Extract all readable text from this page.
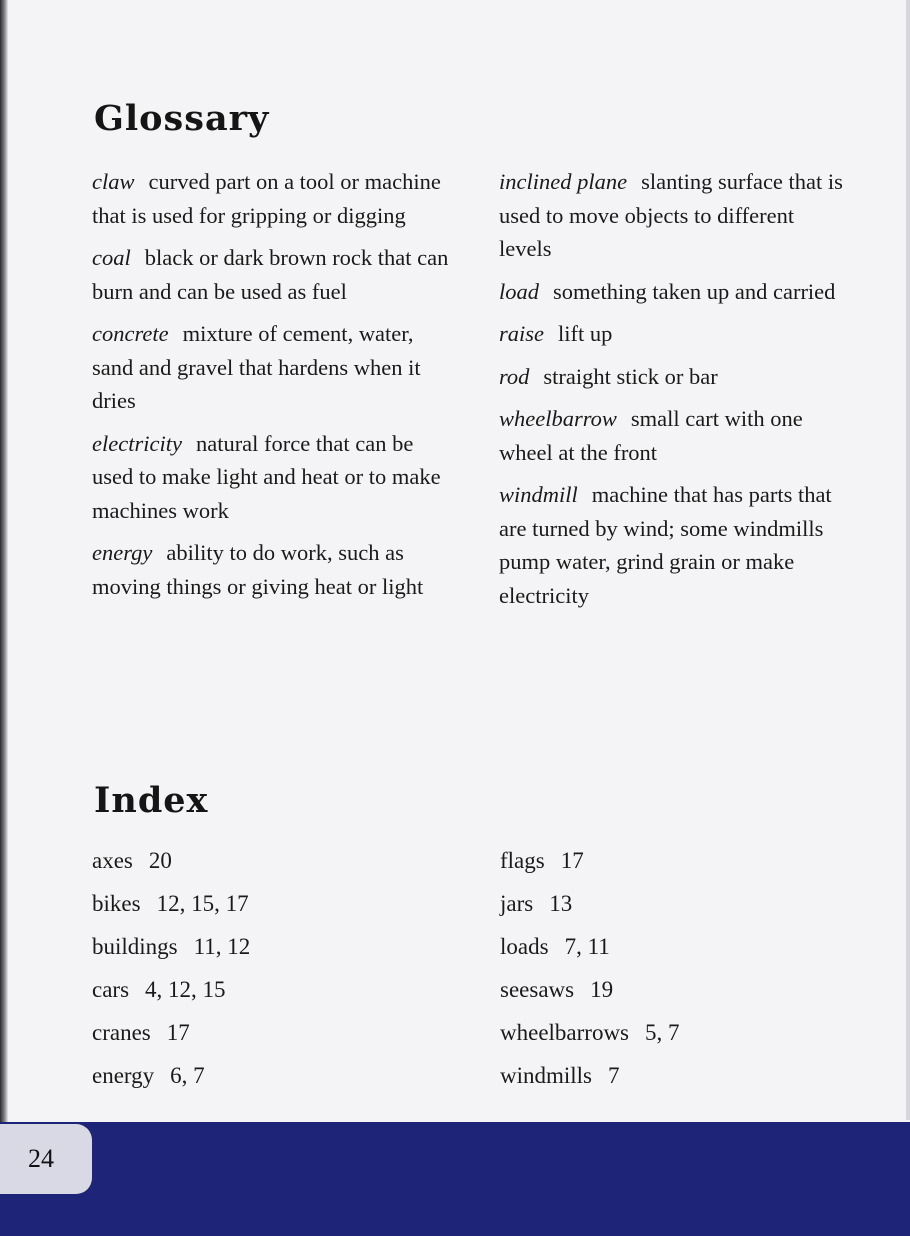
Glossary
claw curved part on a tool or machine that is used for gripping or digging
coal black or dark brown rock that can burn and can be used as fuel
concrete mixture of cement, water, sand and gravel that hardens when it dries
electricity natural force that can be used to make light and heat or to make machines work
energy ability to do work, such as moving things or giving heat or light
inclined plane slanting surface that is used to move objects to different levels
load something taken up and carried
raise lift up
rod straight stick or bar
wheelbarrow small cart with one wheel at the front
windmill machine that has parts that are turned by wind; some windmills pump water, grind grain or make electricity
Index
axes 20
bikes 12, 15, 17
buildings 11, 12
cars 4, 12, 15
cranes 17
energy 6, 7
flags 17
jars 13
loads 7, 11
seesaws 19
wheelbarrows 5, 7
windmills 7
24
